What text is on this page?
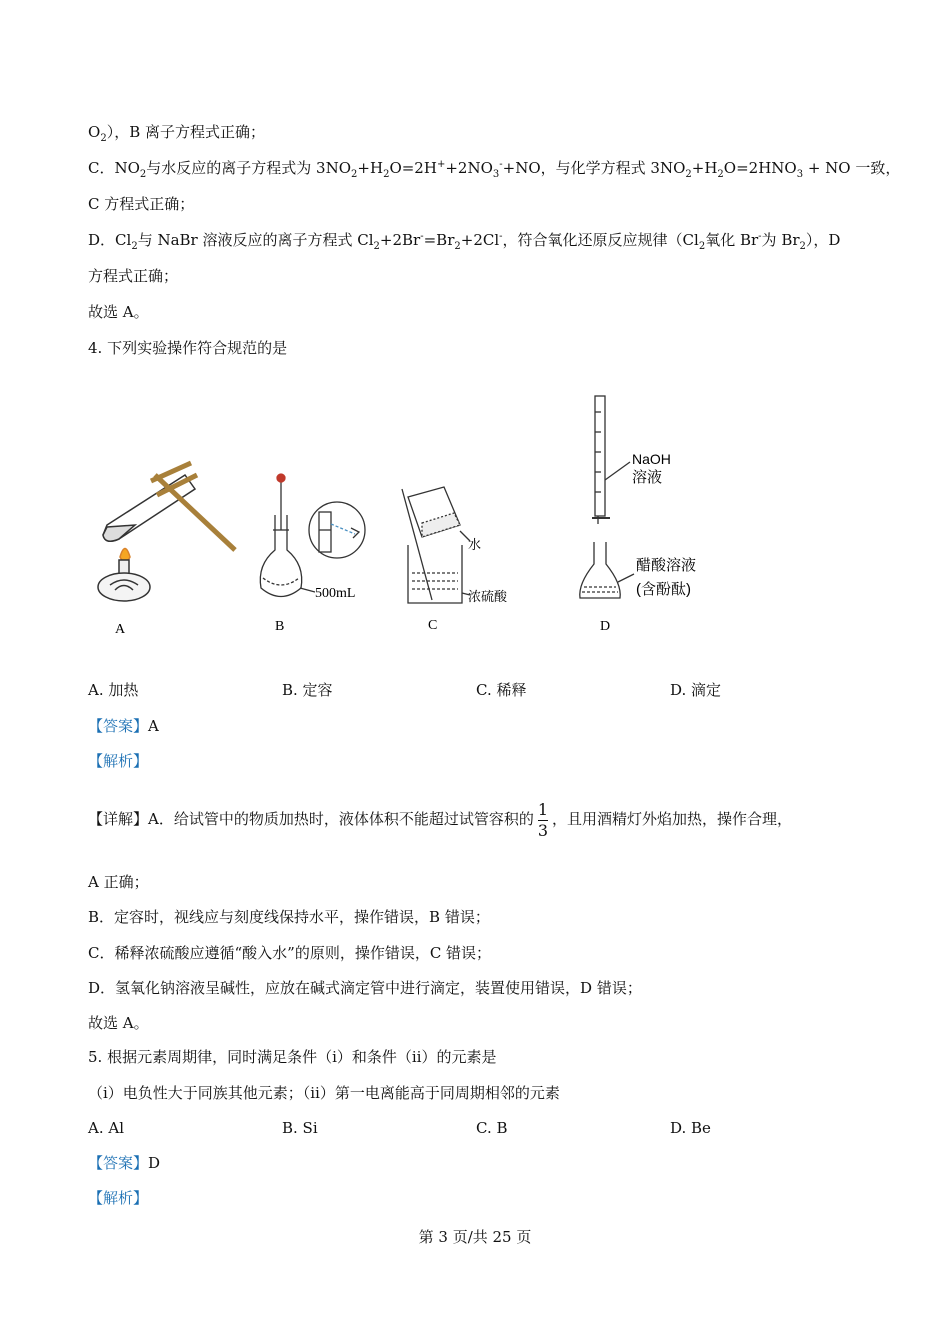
$O_2$），B 离子方程式正确；
C．$NO_2$与水反应的离子方程式为 $3NO_2+H_2O=2H^++2NO_3^-+NO$，与化学方程式 $3NO_2+H_2O=2HNO_3$ + NO 一致，
C 方程式正确；
D．$Cl_2$与 NaBr 溶液反应的离子方程式 $Cl_2+2Br^-=Br_2+2Cl^-$，符合氧化还原反应规律（$Cl_2$氧化 Br-为 $Br_2$），D
方程式正确；
故选 A。
4. 下列实验操作符合规范的是
A
500mL
B
水
浓硫酸
C
NaOH
溶液
醋酸溶液
(含酚酞)
D
A. 加热	B. 定容	C. 稀释	D. 滴定
【答案】A
【解析】
【详解】A．给试管中的物质加热时，液体体积不能超过试管容积的 $\frac{1}{3}$ ，且用酒精灯外焰加热，操作合理，
A 正确；
B．定容时，视线应与刻度线保持水平，操作错误，B 错误；
C．稀释浓硫酸应遵循“酸入水”的原则，操作错误，C 错误；
D．氢氧化钠溶液呈碱性，应放在碱式滴定管中进行滴定，装置使用错误，D 错误；
故选 A。
5. 根据元素周期律，同时满足条件（ⅰ）和条件（ⅱ）的元素是
（ⅰ）电负性大于同族其他元素；（ⅱ）第一电离能高于同周期相邻的元素
A. Al	B. Si	C. B	D. Be
【答案】D
【解析】
第 3 页/共 25 页
